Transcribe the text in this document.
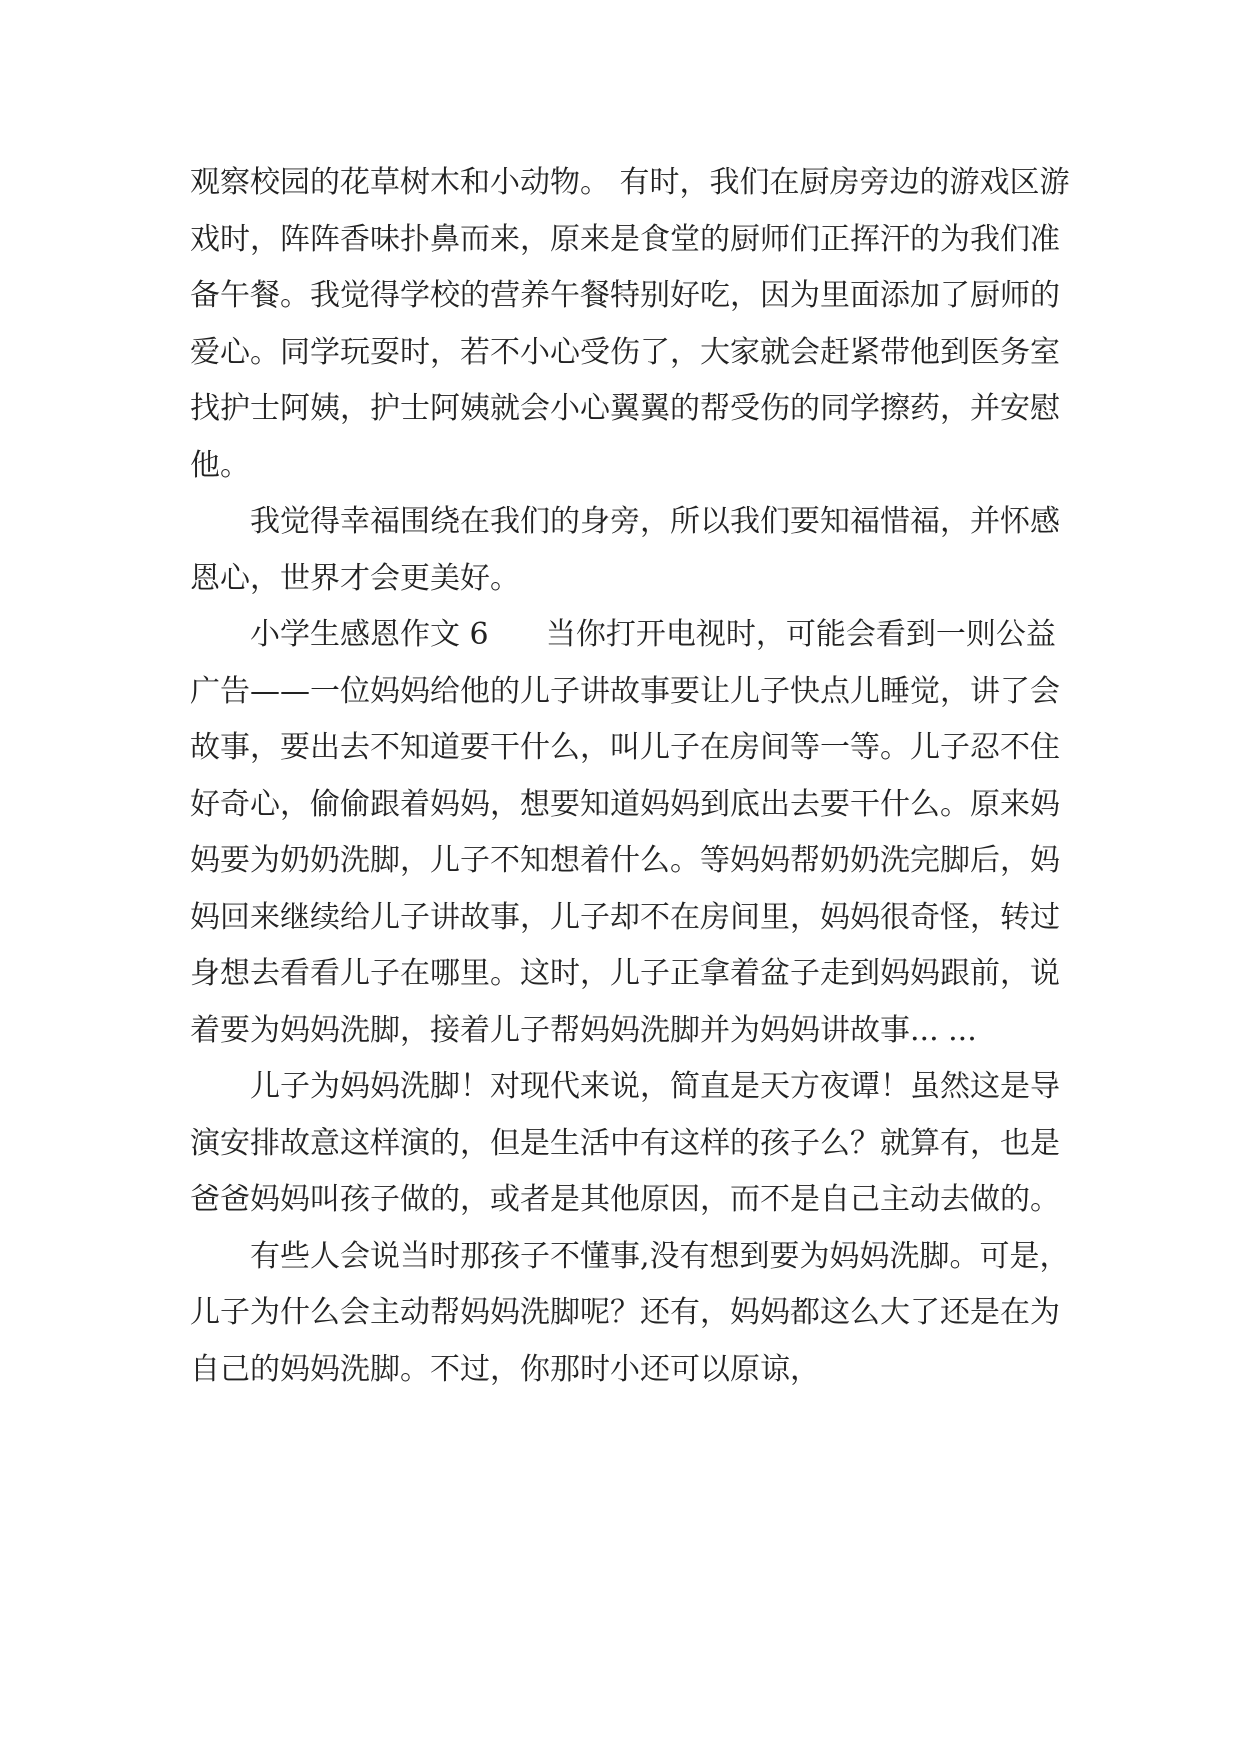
观察校园的花草树木和小动物。 有时，我们在厨房旁边的游戏区游戏时，阵阵香味扑鼻而来，原来是食堂的厨师们正挥汗的为我们准备午餐。我觉得学校的营养午餐特别好吃，因为里面添加了厨师的爱心。同学玩耍时，若不小心受伤了，大家就会赶紧带他到医务室找护士阿姨，护士阿姨就会小心翼翼的帮受伤的同学擦药，并安慰他。

我觉得幸福围绕在我们的身旁，所以我们要知福惜福，并怀感恩心，世界才会更美好。

小学生感恩作文 6      当你打开电视时，可能会看到一则公益广告——一位妈妈给他的儿子讲故事要让儿子快点儿睡觉，讲了会故事，要出去不知道要干什么，叫儿子在房间等一等。儿子忍不住好奇心，偷偷跟着妈妈，想要知道妈妈到底出去要干什么。原来妈妈要为奶奶洗脚，儿子不知想着什么。等妈妈帮奶奶洗完脚后，妈妈回来继续给儿子讲故事，儿子却不在房间里，妈妈很奇怪，转过身想去看看儿子在哪里。这时，儿子正拿着盆子走到妈妈跟前，说着要为妈妈洗脚，接着儿子帮妈妈洗脚并为妈妈讲故事... ...

儿子为妈妈洗脚！对现代来说，简直是天方夜谭！虽然这是导演安排故意这样演的，但是生活中有这样的孩子么？就算有，也是爸爸妈妈叫孩子做的，或者是其他原因，而不是自己主动去做的。

有些人会说当时那孩子不懂事,没有想到要为妈妈洗脚。可是，儿子为什么会主动帮妈妈洗脚呢？还有，妈妈都这么大了还是在为自己的妈妈洗脚。不过，你那时小还可以原谅，
